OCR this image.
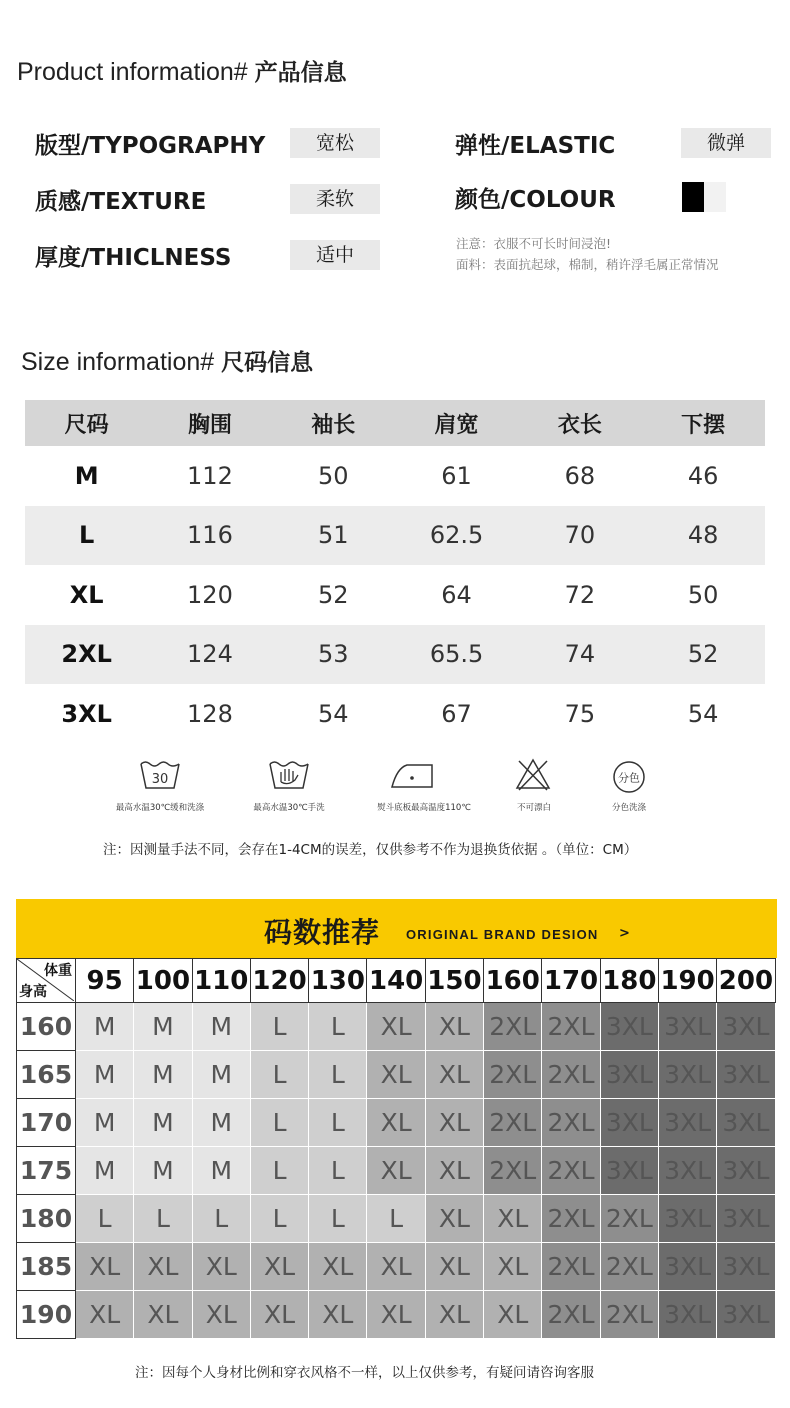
Product information# 产品信息
版型/TYPOGRAPHY	宽松
质感/TEXTURE	柔软
厚度/THICLNESS	适中
弹性/ELASTIC	微弹
颜色/COLOUR
注意：衣服不可长时间浸泡!
面料：表面抗起球，棉制，稍许浮毛属正常情况
Size information# 尺码信息
尺码	胸围	袖长	肩宽	衣长	下摆
M	112	50	61	68	46
L	116	51	62.5	70	48
XL	120	52	64	72	50
2XL	124	53	65.5	74	52
3XL	128	54	67	75	54
30
最高水温30℃缓和洗涤	最高水温30℃手洗	熨斗底板最高温度110℃	不可漂白
分色
分色洗涤
注：因测量手法不同，会存在1-4CM的误差，仅供参考不作为退换货依据 。（单位：CM）
码数推荐 ORIGINAL BRAND DESION >
体重
身高	95	100	110	120	130	140	150	160	170	180	190	200
160	M	M	M	L	L	XL	XL	2XL	2XL	3XL	3XL	3XL
165	M	M	M	L	L	XL	XL	2XL	2XL	3XL	3XL	3XL
170	M	M	M	L	L	XL	XL	2XL	2XL	3XL	3XL	3XL
175	M	M	M	L	L	XL	XL	2XL	2XL	3XL	3XL	3XL
180	L	L	L	L	L	L	XL	XL	2XL	2XL	3XL	3XL
185	XL	XL	XL	XL	XL	XL	XL	XL	2XL	2XL	3XL	3XL
190	XL	XL	XL	XL	XL	XL	XL	XL	2XL	2XL	3XL	3XL
注：因每个人身材比例和穿衣风格不一样，以上仅供参考，有疑问请咨询客服
